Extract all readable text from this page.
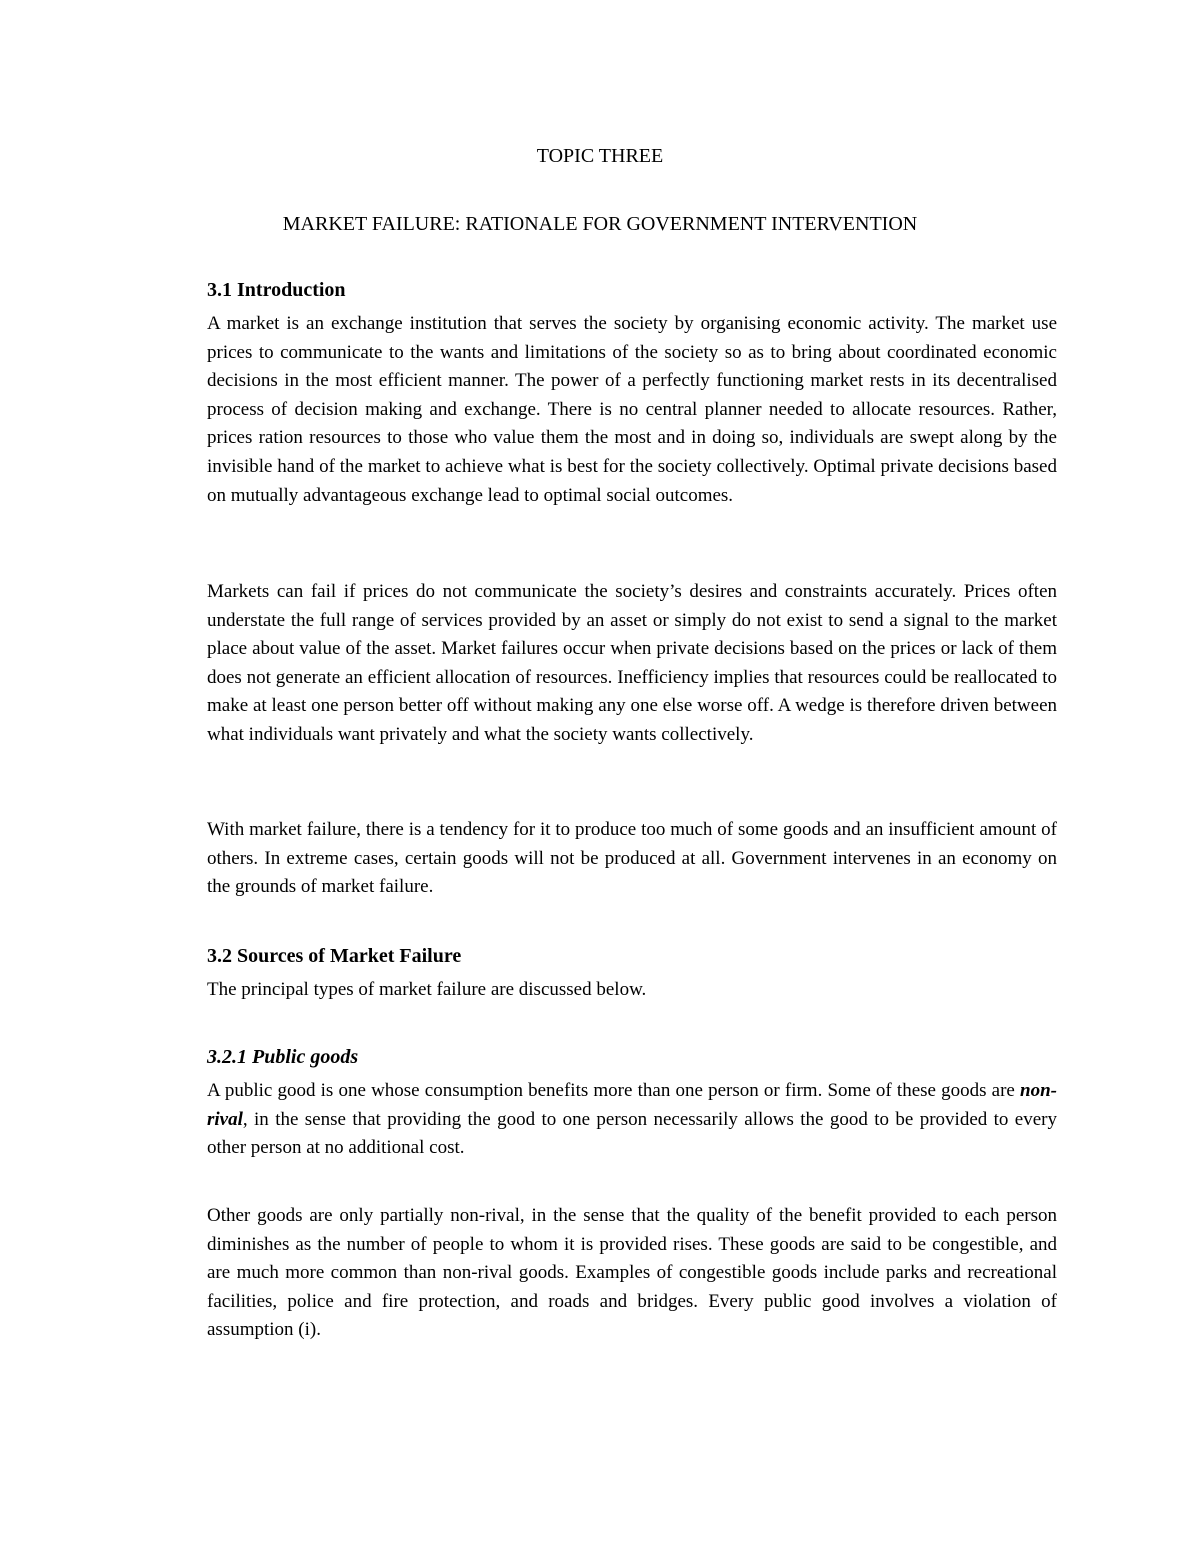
TOPIC THREE
MARKET FAILURE: RATIONALE FOR GOVERNMENT INTERVENTION
3.1 Introduction

A market is an exchange institution that serves the society by organising economic activity. The market use prices to communicate to the wants and limitations of the society so as to bring about coordinated economic decisions in the most efficient manner. The power of a perfectly functioning market rests in its decentralised process of decision making and exchange. There is no central planner needed to allocate resources. Rather, prices ration resources to those who value them the most and in doing so, individuals are swept along by the invisible hand of the market to achieve what is best for the society collectively. Optimal private decisions based on mutually advantageous exchange lead to optimal social outcomes.

Markets can fail if prices do not communicate the society’s desires and constraints accurately. Prices often understate the full range of services provided by an asset or simply do not exist to send a signal to the market place about value of the asset. Market failures occur when private decisions based on the prices or lack of them does not generate an efficient allocation of resources. Inefficiency implies that resources could be reallocated to make at least one person better off without making any one else worse off. A wedge is therefore driven between what individuals want privately and what the society wants collectively.

With market failure, there is a tendency for it to produce too much of some goods and an insufficient amount of others. In extreme cases, certain goods will not be produced at all. Government intervenes in an economy on the grounds of market failure.

3.2 Sources of Market Failure

The principal types of market failure are discussed below.

3.2.1 Public goods

A public good is one whose consumption benefits more than one person or firm. Some of these goods are non-rival, in the sense that providing the good to one person necessarily allows the good to be provided to every other person at no additional cost.

Other goods are only partially non-rival, in the sense that the quality of the benefit provided to each person diminishes as the number of people to whom it is provided rises. These goods are said to be congestible, and are much more common than non-rival goods. Examples of congestible goods include parks and recreational facilities, police and fire protection, and roads and bridges. Every public good involves a violation of assumption (i).
